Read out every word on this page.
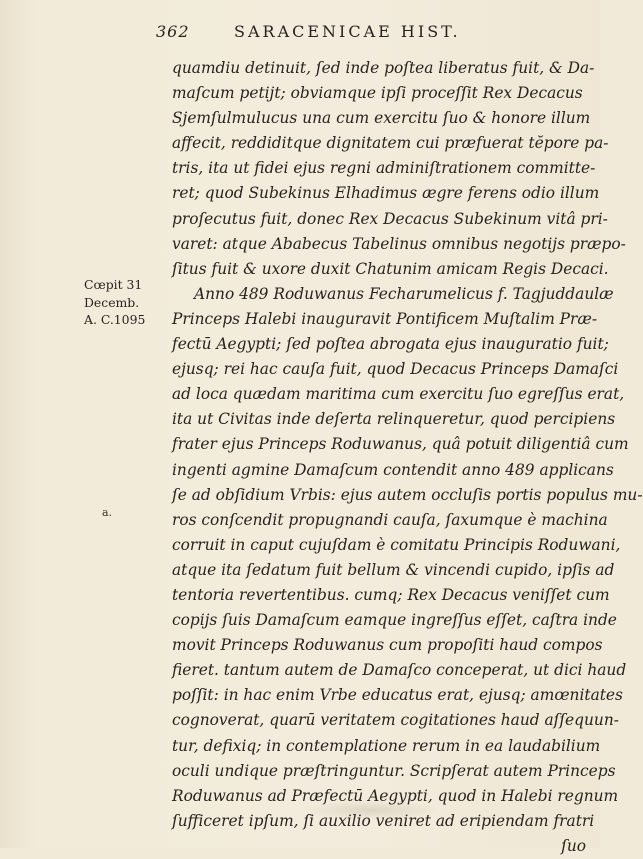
362	SARACENICAE HIST.
Cœpit 31
Decemb.
A. C.1095
a.
quamdiu detinuit, ſed inde poſtea liberatus fuit, & Da-
maſcum petijt; obviamque ipſi proceſſit Rex Decacus
Sjemſulmulucus una cum exercitu ſuo & honore illum
affecit, reddiditque dignitatem cui præfuerat tĕpore pa-
tris, ita ut fidei ejus regni adminiſtrationem committe-
ret; quod Subekinus Elhadimus ægre ferens odio illum
proſecutus fuit, donec Rex Decacus Subekinum vitâ pri-
varet: atque Ababecus Tabelinus omnibus negotijs præpo-
ſitus fuit & uxore duxit Chatunim amicam Regis Decaci.
Anno 489 Roduwanus Fecharumelicus f. Tagjuddaulæ
Princeps Halebi inauguravit Pontificem Muſtalim Præ-
fectū Aegypti; ſed poſtea abrogata ejus inauguratio fuit;
ejusq; rei hac cauſa fuit, quod Decacus Princeps Damaſci
ad loca quædam maritima cum exercitu ſuo egreſſus erat,
ita ut Civitas inde deſerta relinqueretur, quod percipiens
frater ejus Princeps Roduwanus, quâ potuit diligentiâ cum
ingenti agmine Damaſcum contendit anno 489 applicans
ſe ad obſidium Vrbis: ejus autem occluſis portis populus mu-
ros conſcendit propugnandi cauſa, ſaxumque è machina
corruit in caput cujuſdam è comitatu Principis Roduwani,
atque ita ſedatum fuit bellum & vincendi cupido, ipſis ad
tentoria revertentibus. cumq; Rex Decacus veniſſet cum
copijs ſuis Damaſcum eamque ingreſſus eſſet, caſtra inde
movit Princeps Roduwanus cum propoſiti haud compos
fieret. tantum autem de Damaſco conceperat, ut dici haud
poſſit: in hac enim Vrbe educatus erat, ejusq; amœnitates
cognoverat, quarū veritatem cogitationes haud aſſequun-
tur, defixiq; in contemplatione rerum in ea laudabilium
oculi undique præſtringuntur. Scripſerat autem Princeps
Roduwanus ad Præfectū Aegypti, quod in Halebi regnum
ſufficeret ipſum, ſi auxilio veniret ad eripiendam fratri
ſuo
